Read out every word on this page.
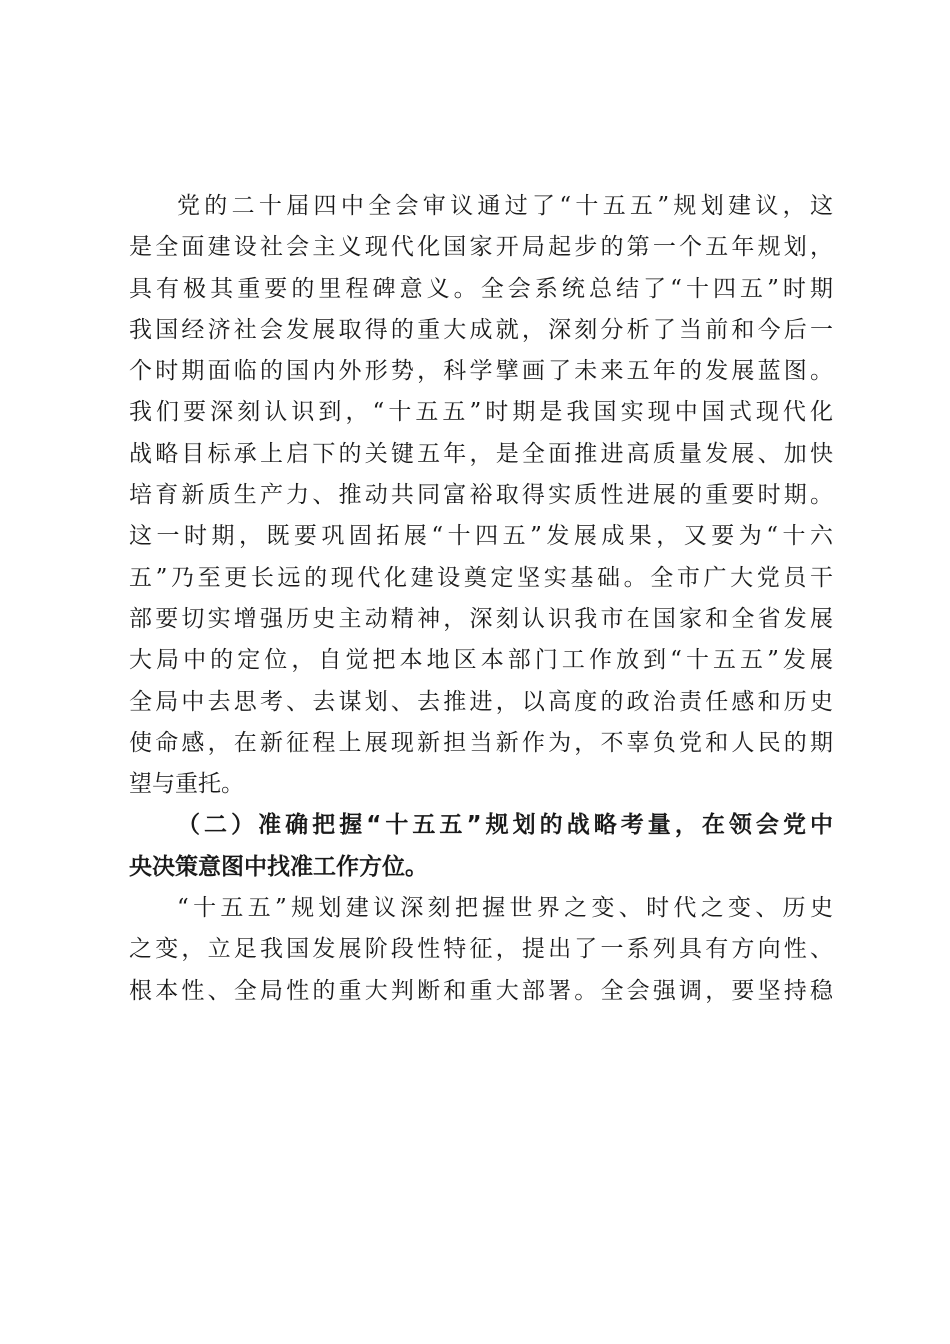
党的二十届四中全会审议通过了“十五五”规划建议，这
是全面建设社会主义现代化国家开局起步的第一个五年规划，
具有极其重要的里程碑意义。全会系统总结了“十四五”时期
我国经济社会发展取得的重大成就，深刻分析了当前和今后一
个时期面临的国内外形势，科学擘画了未来五年的发展蓝图。
我们要深刻认识到，“十五五”时期是我国实现中国式现代化
战略目标承上启下的关键五年，是全面推进高质量发展、加快
培育新质生产力、推动共同富裕取得实质性进展的重要时期。
这一时期，既要巩固拓展“十四五”发展成果，又要为“十六
五”乃至更长远的现代化建设奠定坚实基础。全市广大党员干
部要切实增强历史主动精神，深刻认识我市在国家和全省发展
大局中的定位，自觉把本地区本部门工作放到“十五五”发展
全局中去思考、去谋划、去推进，以高度的政治责任感和历史
使命感，在新征程上展现新担当新作为，不辜负党和人民的期
望与重托。
（二）准确把握“十五五”规划的战略考量，在领会党中
央决策意图中找准工作方位。
“十五五”规划建议深刻把握世界之变、时代之变、历史
之变，立足我国发展阶段性特征，提出了一系列具有方向性、
根本性、全局性的重大判断和重大部署。全会强调，要坚持稳
